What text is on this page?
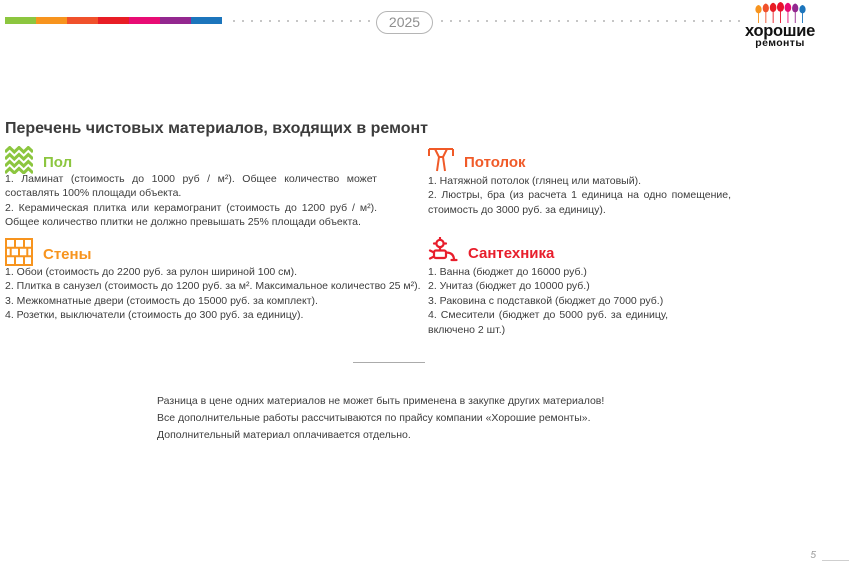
2025	хорошие
ремонты
Перечень чистовых материалов, входящих в ремонт
Пол

1. Ламинат (стоимость до 1000 руб / м²). Общее количество может составлять 100% площади объекта.

2. Керамическая плитка или керамогранит (стоимость до 1200 руб / м²). Общее количество плитки не должно превышать 25% площади объекта.

Стены

1. Обои (стоимость до 2200 руб. за рулон шириной 100 см).

2. Плитка в санузел (стоимость до 1200 руб. за м². Максимальное количество 25 м²).

3. Межкомнатные двери (стоимость до 15000 руб. за комплект).

4. Розетки, выключатели (стоимость до 300 руб. за единицу).

Потолок

1. Натяжной потолок (глянец или матовый).

2. Люстры, бра (из расчета 1 единица на одно помещение, стоимость до 3000 руб. за единицу).

Сантехника

1. Ванна (бюджет до 16000 руб.)

2. Унитаз (бюджет до 10000 руб.)

3. Раковина с подставкой (бюджет до 7000 руб.)

4. Смесители (бюджет до 5000 руб. за единицу, включено 2 шт.)

Разница в цене одних материалов не может быть применена в закупке других материалов!

Все дополнительные работы рассчитываются по прайсу компании «Хорошие ремонты».

Дополнительный материал оплачивается отдельно.

5
